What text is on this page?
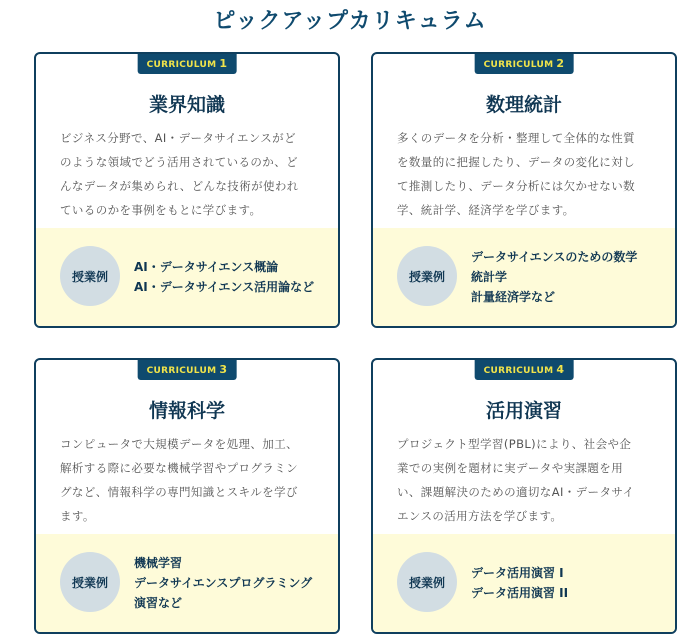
ピックアップカリキュラム
CURRICULUM 1
業界知識
ビジネス分野で、AI・データサイエンスがど
のような領域でどう活用されているのか、ど
んなデータが集められ、どんな技術が使われ
ているのかを事例をもとに学びます。
授業例
AI・データサイエンス概論
AI・データサイエンス活用論など
CURRICULUM 2
数理統計
多くのデータを分析・整理して全体的な性質
を数量的に把握したり、データの変化に対し
て推測したり、データ分析には欠かせない数
学、統計学、経済学を学びます。
授業例
データサイエンスのための数学
統計学
計量経済学など
CURRICULUM 3
情報科学
コンピュータで大規模データを処理、加工、
解析する際に必要な機械学習やプログラミン
グなど、情報科学の専門知識とスキルを学び
ます。
授業例
機械学習
データサイエンスプログラミング
演習など
CURRICULUM 4
活用演習
プロジェクト型学習(PBL)により、社会や企
業での実例を題材に実データや実課題を用
い、課題解決のための適切なAI・データサイ
エンスの活用方法を学びます。
授業例
データ活用演習 I
データ活用演習 II
